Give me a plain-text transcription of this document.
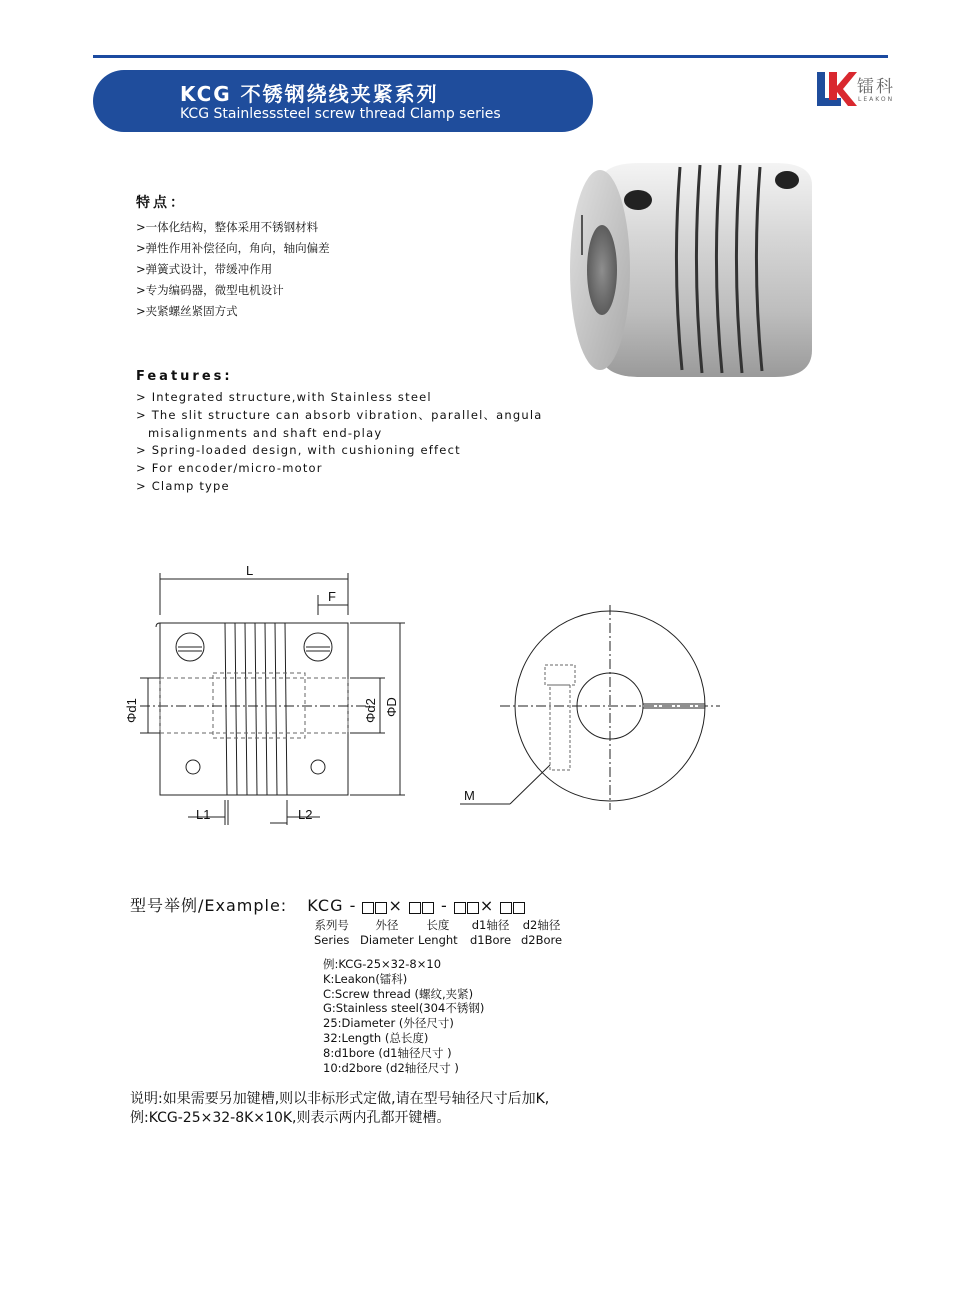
KCG 不锈钢绕线夹紧系列
KCG Stainlesssteel screw thread Clamp series
镭科
LEAKON
特点：
>一体化结构，整体采用不锈钢材料
>弹性作用补偿径向，角向，轴向偏差
>弹簧式设计，带缓冲作用
>专为编码器，微型电机设计
>夹紧螺丝紧固方式
Features:
> Integrated structure,with Stainless steel
> The slit structure can absorb vibration、parallel、angula
misalignments and shaft end-play
> Spring-loaded design, with cushioning effect
> For encoder/micro-motor
> Clamp type
L
F
Φd1	Φd2 ΦD
L1	L2
M
型号举例/Example: KCG - × - ×
系列号
Series
外径
Diameter
长度
Lenght
d1轴径
d1Bore
d2轴径
d2Bore
例:KCG-25×32-8×10
K:Leakon(镭科)
C:Screw thread (螺纹,夹紧)
G:Stainless steel(304不锈钢)
25:Diameter (外径尺寸)
32:Length (总长度)
8:d1bore (d1轴径尺寸 )
10:d2bore (d2轴径尺寸 )
说明:如果需要另加键槽,则以非标形式定做,请在型号轴径尺寸后加K,
例:KCG-25×32-8K×10K,则表示两内孔都开键槽。
